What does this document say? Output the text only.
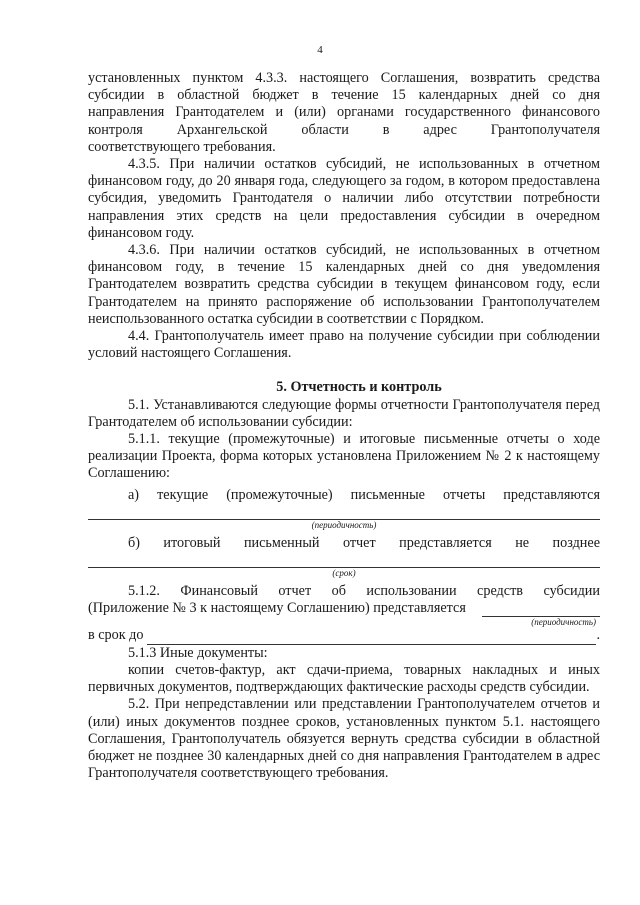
4

установленных пунктом 4.3.3. настоящего Соглашения, возвратить средства

субсидии в областной бюджет в течение 15 календарных дней со дня

направления Грантодателем и (или) органами государственного финансового

контроля Архангельской области в адрес Грантополучателя

соответствующего требования.

4.3.5. При наличии остатков субсидий, не использованных в отчетном финансовом году, до 20 января года, следующего за годом, в котором предоставлена субсидия, уведомить Грантодателя о наличии либо отсутствии потребности направления этих средств на цели предоставления субсидии в очередном финансовом году.

4.3.6. При наличии остатков субсидий, не использованных в отчетном финансовом году, в течение 15 календарных дней со дня уведомления Грантодателем возвратить средства субсидии в текущем финансовом году, если Грантодателем на принято распоряжение об использовании Грантополучателем неиспользованного остатка субсидии в соответствии с Порядком.

4.4. Грантополучатель имеет право на получение субсидии при соблюдении условий настоящего Соглашения.

5. Отчетность и контроль

5.1. Устанавливаются следующие формы отчетности Грантополучателя перед Грантодателем об использовании субсидии:

5.1.1. текущие (промежуточные) и итоговые письменные отчеты о ходе реализации Проекта, форма которых установлена Приложением № 2 к настоящему Соглашению:

а) текущие (промежуточные) письменные отчеты представляются

(периодичность)

б) итоговый письменный отчет представляется не позднее

(срок)

5.1.2. Финансовый отчет об использовании средств субсидии

(Приложение № 3 к настоящему Соглашению) представляется
(периодичность)
в срок до	.

5.1.3 Иные документы:

копии счетов-фактур, акт сдачи-приема, товарных накладных и иных первичных документов, подтверждающих фактические расходы средств субсидии.

5.2. При непредставлении или представлении Грантополучателем отчетов и (или) иных документов позднее сроков, установленных пунктом 5.1. настоящего Соглашения, Грантополучатель обязуется вернуть средства субсидии в областной бюджет не позднее 30 календарных дней со дня направления Грантодателем в адрес Грантополучателя соответствующего требования.
